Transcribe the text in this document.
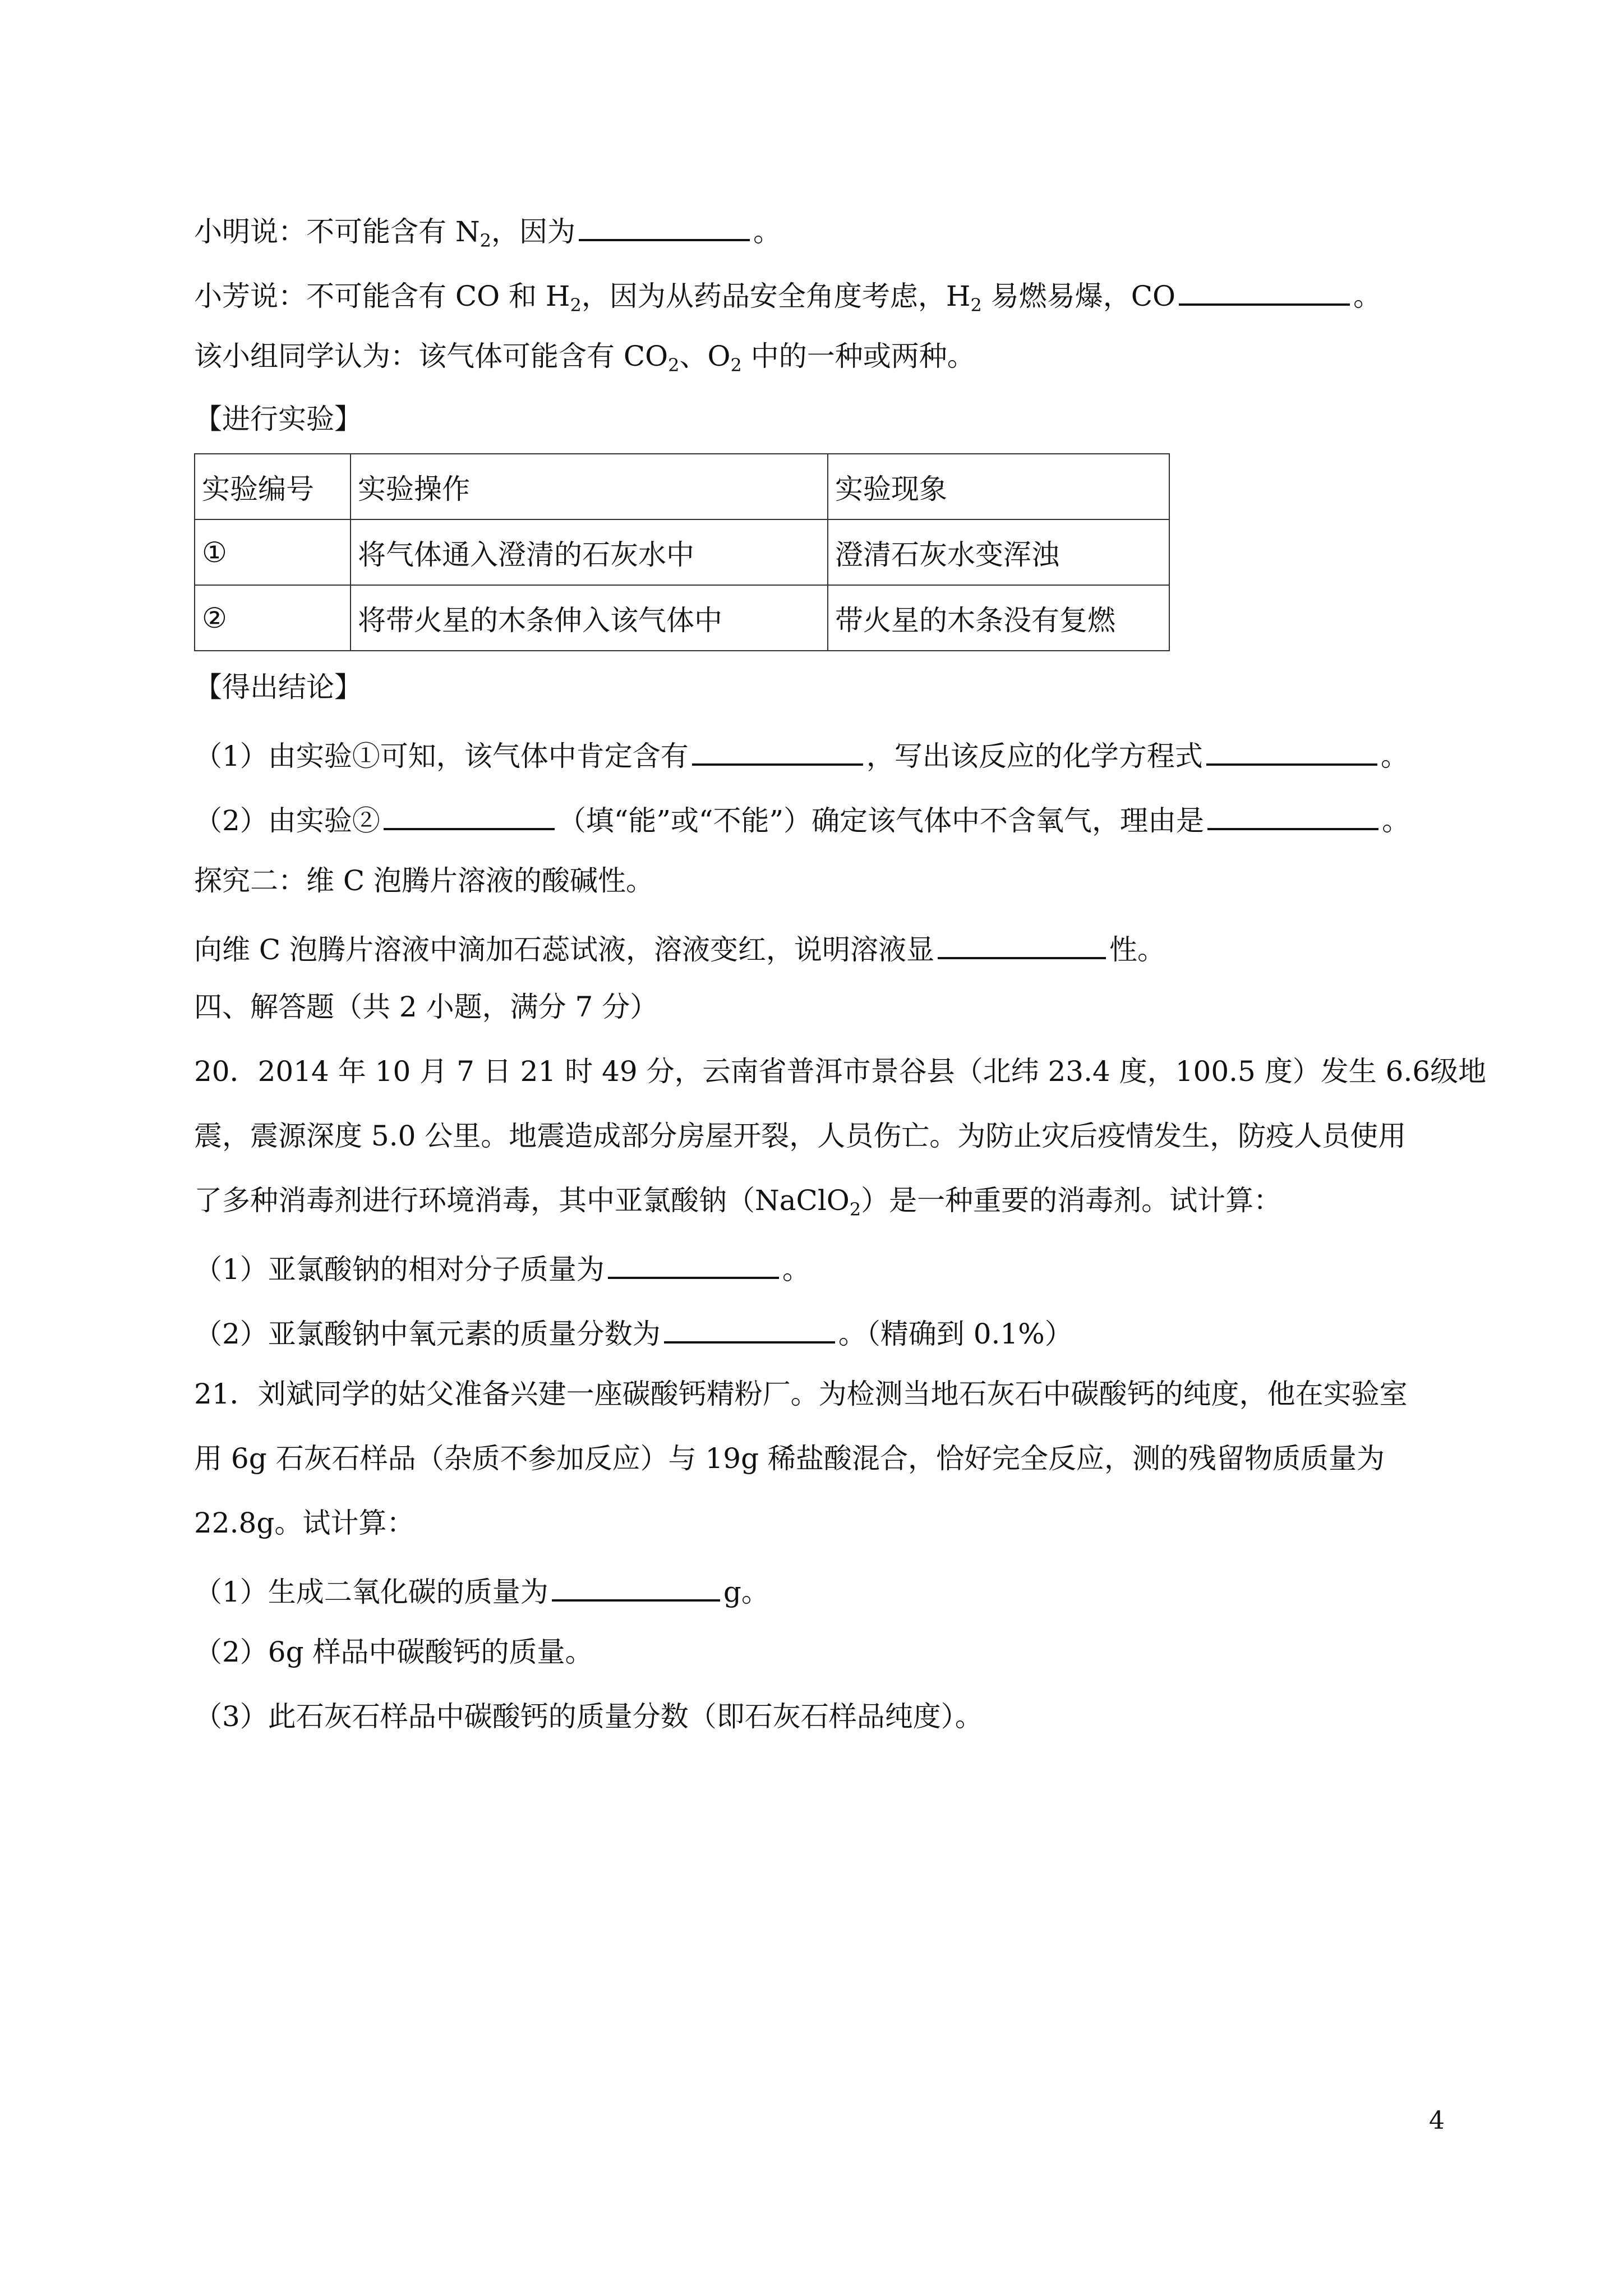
小明说：不可能含有 $N_2$，因为	。
小芳说：不可能含有 CO 和 $H_2$，因为从药品安全角度考虑，$H_2$ 易燃易爆，CO	。
该小组同学认为：该气体可能含有 $CO_2$、$O_2$ 中的一种或两种。
【进行实验】
实验编号	实验操作	实验现象
①	将气体通入澄清的石灰水中	澄清石灰水变浑浊
②	将带火星的木条伸入该气体中	带火星的木条没有复燃
【得出结论】
（1）由实验①可知，该气体中肯定含有	，写出该反应的化学方程式	。
（2）由实验②	（填“能”或“不能”）确定该气体中不含氧气，理由是	。
探究二：维 C 泡腾片溶液的酸碱性。
向维 C 泡腾片溶液中滴加石蕊试液，溶液变红，说明溶液显	性。
四、解答题（共 2 小题，满分 7 分）
20．2014 年 10 月 7 日 21 时 49 分，云南省普洱市景谷县（北纬 23.4 度，100.5 度）发生 6.6级地
震，震源深度 5.0 公里。地震造成部分房屋开裂，人员伤亡。为防止灾后疫情发生，防疫人员使用
了多种消毒剂进行环境消毒，其中亚氯酸钠（NaClO$_2$）是一种重要的消毒剂。试计算：
（1）亚氯酸钠的相对分子质量为	。
（2）亚氯酸钠中氧元素的质量分数为	。（精确到 0.1%）
21．刘斌同学的姑父准备兴建一座碳酸钙精粉厂。为检测当地石灰石中碳酸钙的纯度，他在实验室
用 6g 石灰石样品（杂质不参加反应）与 19g 稀盐酸混合，恰好完全反应，测的残留物质质量为
22.8g。试计算：
（1）生成二氧化碳的质量为	g。
（2）6g 样品中碳酸钙的质量。
（3）此石灰石样品中碳酸钙的质量分数（即石灰石样品纯度）。
4
